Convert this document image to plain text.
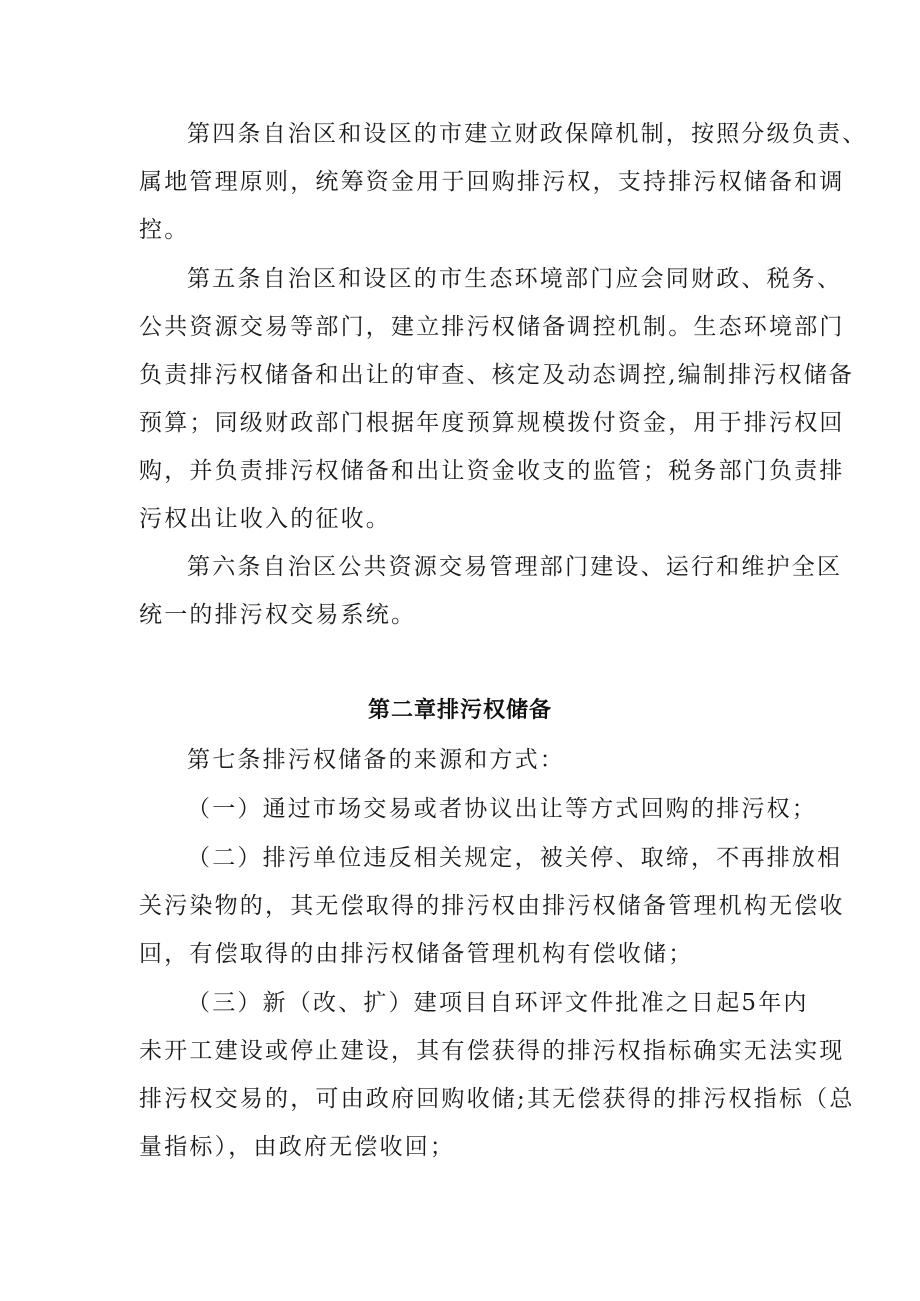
第四条自治区和设区的市建立财政保障机制，按照分级负责、

属地管理原则，统筹资金用于回购排污权，支持排污权储备和调

控。

第五条自治区和设区的市生态环境部门应会同财政、税务、

公共资源交易等部门，建立排污权储备调控机制。生态环境部门

负责排污权储备和出让的审查、核定及动态调控,编制排污权储备

预算；同级财政部门根据年度预算规模拨付资金，用于排污权回

购，并负责排污权储备和出让资金收支的监管；税务部门负责排

污权出让收入的征收。

第六条自治区公共资源交易管理部门建设、运行和维护全区

统一的排污权交易系统。

第二章排污权储备

第七条排污权储备的来源和方式：

（一）通过市场交易或者协议出让等方式回购的排污权；

（二）排污单位违反相关规定，被关停、取缔，不再排放相

关污染物的，其无偿取得的排污权由排污权储备管理机构无偿收

回，有偿取得的由排污权储备管理机构有偿收储；

（三）新（改、扩）建项目自环评文件批准之日起5年内

未开工建设或停止建设，其有偿获得的排污权指标确实无法实现

排污权交易的，可由政府回购收储;其无偿获得的排污权指标（总

量指标），由政府无偿收回；
